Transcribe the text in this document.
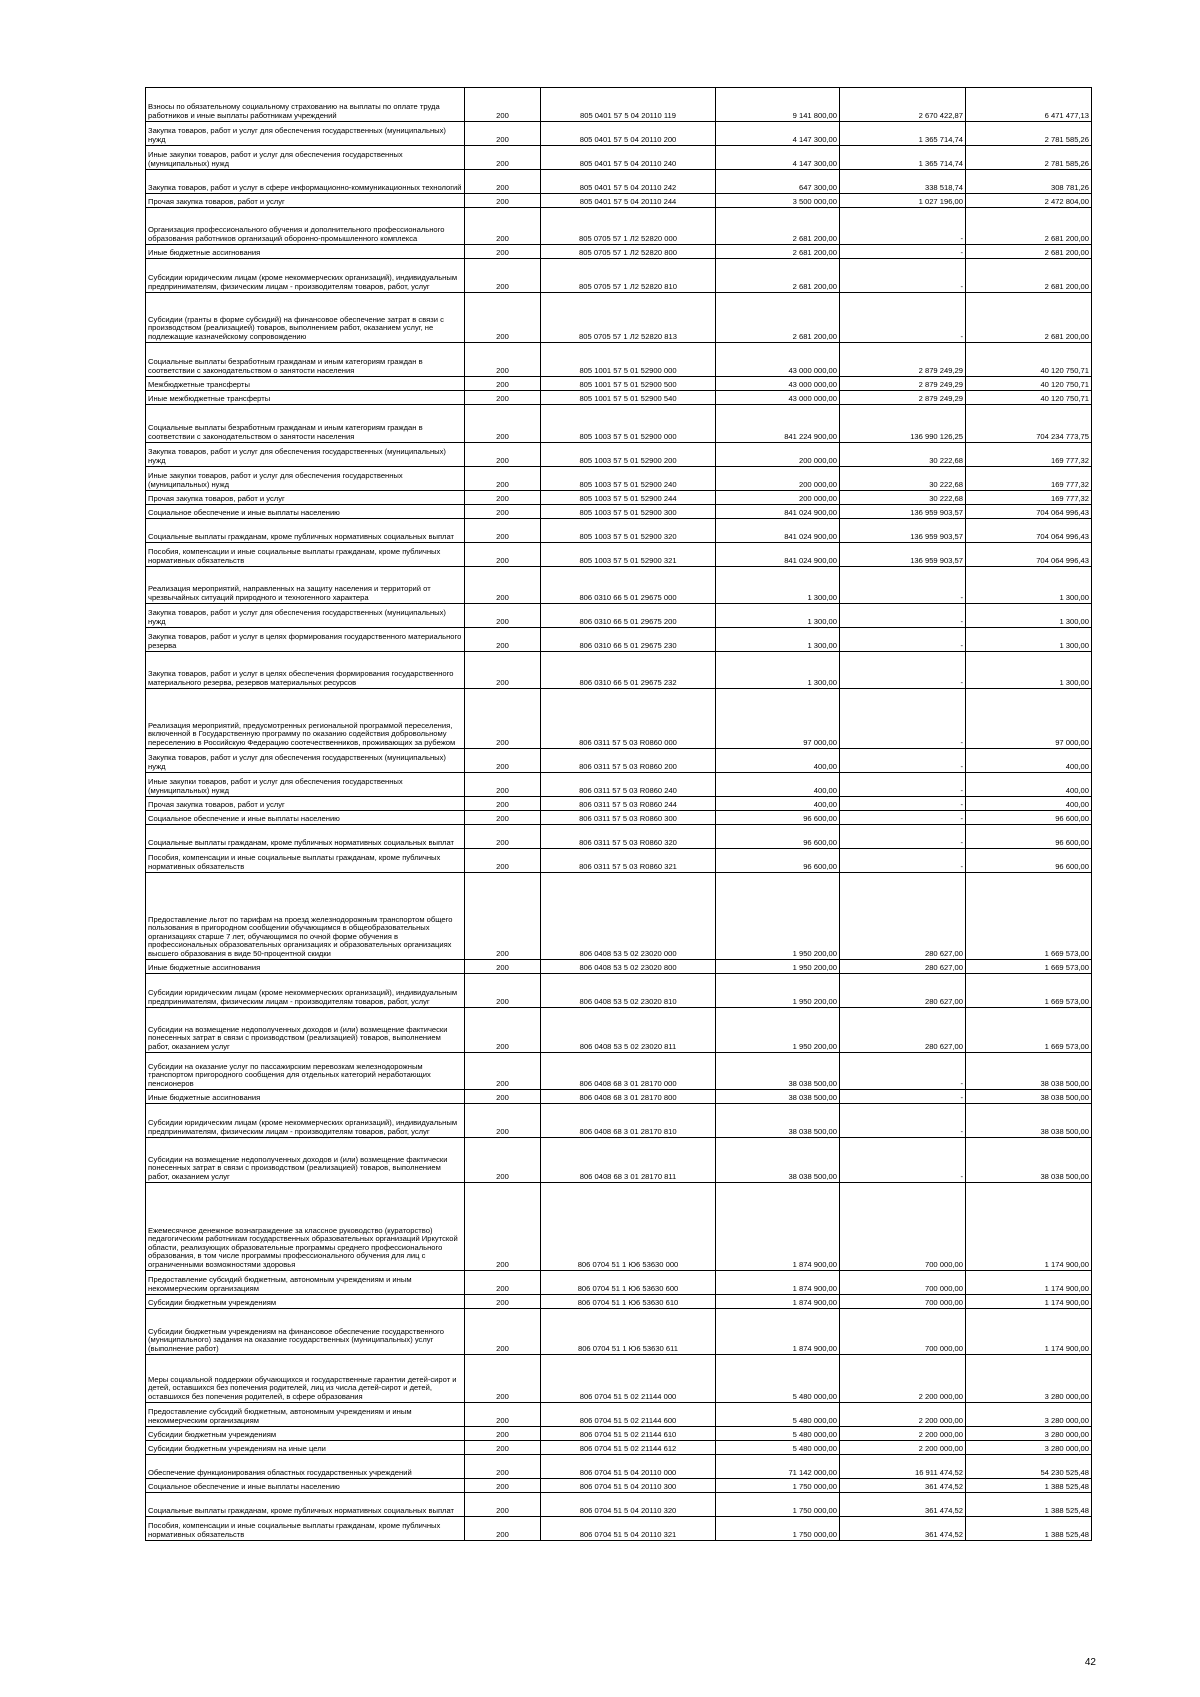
Взносы по обязательному социальному страхованию на выплаты по оплате труда работников и иные выплаты работникам учреждений	200	805 0401 57 5 04 20110 119	9 141 800,00	2 670 422,87	6 471 477,13
Закупка товаров, работ и услуг для обеспечения государственных (муниципальных) нужд	200	805 0401 57 5 04 20110 200	4 147 300,00	1 365 714,74	2 781 585,26
Иные закупки товаров, работ и услуг для обеспечения государственных (муниципальных) нужд	200	805 0401 57 5 04 20110 240	4 147 300,00	1 365 714,74	2 781 585,26
Закупка товаров, работ и услуг в сфере информационно-коммуникационных технологий	200	805 0401 57 5 04 20110 242	647 300,00	338 518,74	308 781,26
Прочая закупка товаров, работ и услуг	200	805 0401 57 5 04 20110 244	3 500 000,00	1 027 196,00	2 472 804,00
Организация профессионального обучения и дополнительного профессионального образования работников организаций оборонно-промышленного комплекса	200	805 0705 57 1 Л2 52820 000	2 681 200,00	-	2 681 200,00
Иные бюджетные ассигнования	200	805 0705 57 1 Л2 52820 800	2 681 200,00	-	2 681 200,00
Субсидии юридическим лицам (кроме некоммерческих организаций), индивидуальным предпринимателям, физическим лицам - производителям товаров, работ, услуг	200	805 0705 57 1 Л2 52820 810	2 681 200,00	-	2 681 200,00
Субсидии (гранты в форме субсидий) на финансовое обеспечение затрат в связи с производством (реализацией) товаров, выполнением работ, оказанием услуг, не подлежащие казначейскому сопровождению	200	805 0705 57 1 Л2 52820 813	2 681 200,00	-	2 681 200,00
Социальные выплаты безработным гражданам и иным категориям граждан в соответствии с законодательством о занятости населения	200	805 1001 57 5 01 52900 000	43 000 000,00	2 879 249,29	40 120 750,71
Межбюджетные трансферты	200	805 1001 57 5 01 52900 500	43 000 000,00	2 879 249,29	40 120 750,71
Иные межбюджетные трансферты	200	805 1001 57 5 01 52900 540	43 000 000,00	2 879 249,29	40 120 750,71
Социальные выплаты безработным гражданам и иным категориям граждан в соответствии с законодательством о занятости населения	200	805 1003 57 5 01 52900 000	841 224 900,00	136 990 126,25	704 234 773,75
Закупка товаров, работ и услуг для обеспечения государственных (муниципальных) нужд	200	805 1003 57 5 01 52900 200	200 000,00	30 222,68	169 777,32
Иные закупки товаров, работ и услуг для обеспечения государственных (муниципальных) нужд	200	805 1003 57 5 01 52900 240	200 000,00	30 222,68	169 777,32
Прочая закупка товаров, работ и услуг	200	805 1003 57 5 01 52900 244	200 000,00	30 222,68	169 777,32
Социальное обеспечение и иные выплаты населению	200	805 1003 57 5 01 52900 300	841 024 900,00	136 959 903,57	704 064 996,43
Социальные выплаты гражданам, кроме публичных нормативных социальных выплат	200	805 1003 57 5 01 52900 320	841 024 900,00	136 959 903,57	704 064 996,43
Пособия, компенсации и иные социальные выплаты гражданам, кроме публичных нормативных обязательств	200	805 1003 57 5 01 52900 321	841 024 900,00	136 959 903,57	704 064 996,43
Реализация мероприятий, направленных на защиту населения и территорий от чрезвычайных ситуаций природного и техногенного характера	200	806 0310 66 5 01 29675 000	1 300,00	-	1 300,00
Закупка товаров, работ и услуг для обеспечения государственных (муниципальных) нужд	200	806 0310 66 5 01 29675 200	1 300,00	-	1 300,00
Закупка товаров, работ и услуг в целях формирования государственного материального резерва	200	806 0310 66 5 01 29675 230	1 300,00	-	1 300,00
Закупка товаров, работ и услуг в целях обеспечения формирования государственного материального резерва, резервов материальных ресурсов	200	806 0310 66 5 01 29675 232	1 300,00	-	1 300,00
Реализация мероприятий, предусмотренных региональной программой переселения, включенной в Государственную программу по оказанию содействия добровольному переселению в Российскую Федерацию соотечественников, проживающих за рубежом	200	806 0311 57 5 03 R0860 000	97 000,00	-	97 000,00
Закупка товаров, работ и услуг для обеспечения государственных (муниципальных) нужд	200	806 0311 57 5 03 R0860 200	400,00	-	400,00
Иные закупки товаров, работ и услуг для обеспечения государственных (муниципальных) нужд	200	806 0311 57 5 03 R0860 240	400,00	-	400,00
Прочая закупка товаров, работ и услуг	200	806 0311 57 5 03 R0860 244	400,00	-	400,00
Социальное обеспечение и иные выплаты населению	200	806 0311 57 5 03 R0860 300	96 600,00	-	96 600,00
Социальные выплаты гражданам, кроме публичных нормативных социальных выплат	200	806 0311 57 5 03 R0860 320	96 600,00	-	96 600,00
Пособия, компенсации и иные социальные выплаты гражданам, кроме публичных нормативных обязательств	200	806 0311 57 5 03 R0860 321	96 600,00	-	96 600,00
Предоставление льгот по тарифам на проезд железнодорожным транспортом общего пользования в пригородном сообщении обучающимся в общеобразовательных организациях старше 7 лет, обучающимся по очной форме обучения в профессиональных образовательных организациях и образовательных организациях высшего образования в виде 50-процентной скидки	200	806 0408 53 5 02 23020 000	1 950 200,00	280 627,00	1 669 573,00
Иные бюджетные ассигнования	200	806 0408 53 5 02 23020 800	1 950 200,00	280 627,00	1 669 573,00
Субсидии юридическим лицам (кроме некоммерческих организаций), индивидуальным предпринимателям, физическим лицам - производителям товаров, работ, услуг	200	806 0408 53 5 02 23020 810	1 950 200,00	280 627,00	1 669 573,00
Субсидии на возмещение недополученных доходов и (или) возмещение фактически понесенных затрат в связи с производством (реализацией) товаров, выполнением работ, оказанием услуг	200	806 0408 53 5 02 23020 811	1 950 200,00	280 627,00	1 669 573,00
Субсидии на оказание услуг по пассажирским перевозкам железнодорожным транспортом пригородного сообщения для отдельных категорий неработающих пенсионеров	200	806 0408 68 3 01 28170 000	38 038 500,00	-	38 038 500,00
Иные бюджетные ассигнования	200	806 0408 68 3 01 28170 800	38 038 500,00	-	38 038 500,00
Субсидии юридическим лицам (кроме некоммерческих организаций), индивидуальным предпринимателям, физическим лицам - производителям товаров, работ, услуг	200	806 0408 68 3 01 28170 810	38 038 500,00	-	38 038 500,00
Субсидии на возмещение недополученных доходов и (или) возмещение фактически понесенных затрат в связи с производством (реализацией) товаров, выполнением работ, оказанием услуг	200	806 0408 68 3 01 28170 811	38 038 500,00	-	38 038 500,00
Ежемесячное денежное вознаграждение за классное руководство (кураторство) педагогическим работникам государственных образовательных организаций Иркутской области, реализующих образовательные программы среднего профессионального образования, в том числе программы профессионального обучения для лиц с ограниченными возможностями здоровья	200	806 0704 51 1 Ю6 53630 000	1 874 900,00	700 000,00	1 174 900,00
Предоставление субсидий бюджетным, автономным учреждениям и иным некоммерческим организациям	200	806 0704 51 1 Ю6 53630 600	1 874 900,00	700 000,00	1 174 900,00
Субсидии бюджетным учреждениям	200	806 0704 51 1 Ю6 53630 610	1 874 900,00	700 000,00	1 174 900,00
Субсидии бюджетным учреждениям на финансовое обеспечение государственного (муниципального) задания на оказание государственных (муниципальных) услуг (выполнение работ)	200	806 0704 51 1 Ю6 53630 611	1 874 900,00	700 000,00	1 174 900,00
Меры социальной поддержки обучающихся и государственные гарантии детей-сирот и детей, оставшихся без попечения родителей, лиц из числа детей-сирот и детей, оставшихся без попечения родителей, в сфере образования	200	806 0704 51 5 02 21144 000	5 480 000,00	2 200 000,00	3 280 000,00
Предоставление субсидий бюджетным, автономным учреждениям и иным некоммерческим организациям	200	806 0704 51 5 02 21144 600	5 480 000,00	2 200 000,00	3 280 000,00
Субсидии бюджетным учреждениям	200	806 0704 51 5 02 21144 610	5 480 000,00	2 200 000,00	3 280 000,00
Субсидии бюджетным учреждениям на иные цели	200	806 0704 51 5 02 21144 612	5 480 000,00	2 200 000,00	3 280 000,00
Обеспечение функционирования областных государственных учреждений	200	806 0704 51 5 04 20110 000	71 142 000,00	16 911 474,52	54 230 525,48
Социальное обеспечение и иные выплаты населению	200	806 0704 51 5 04 20110 300	1 750 000,00	361 474,52	1 388 525,48
Социальные выплаты гражданам, кроме публичных нормативных социальных выплат	200	806 0704 51 5 04 20110 320	1 750 000,00	361 474,52	1 388 525,48
Пособия, компенсации и иные социальные выплаты гражданам, кроме публичных нормативных обязательств	200	806 0704 51 5 04 20110 321	1 750 000,00	361 474,52	1 388 525,48
42
